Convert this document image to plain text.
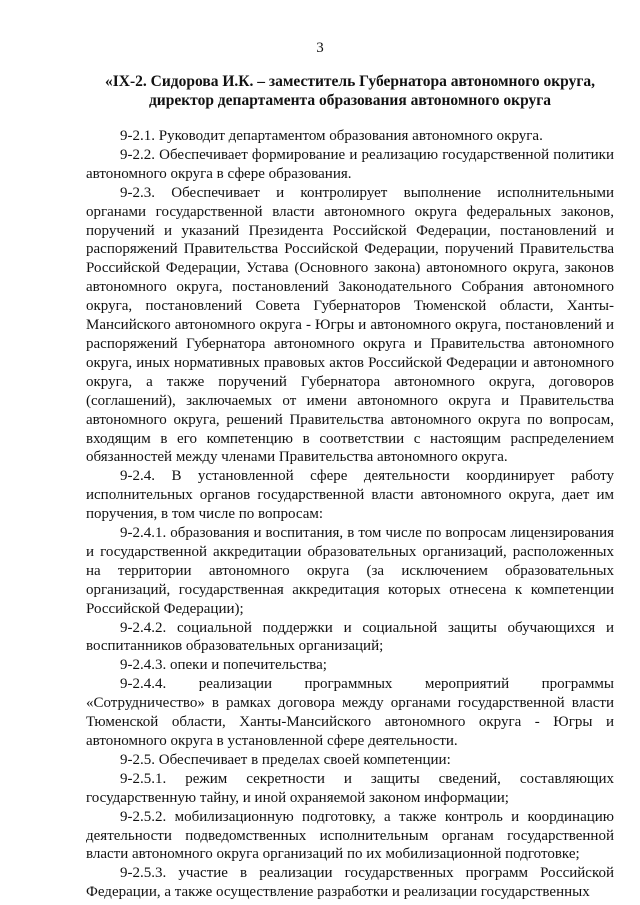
3
«IX-2. Сидорова И.К. – заместитель Губернатора автономного округа,
директор департамента образования автономного округа

9-2.1. Руководит департаментом образования автономного округа.

9-2.2. Обеспечивает формирование и реализацию государственной политики автономного округа в сфере образования.

9-2.3. Обеспечивает и контролирует выполнение исполнительными органами государственной власти автономного округа федеральных законов, поручений и указаний Президента Российской Федерации, постановлений и распоряжений Правительства Российской Федерации, поручений Правительства Российской Федерации, Устава (Основного закона) автономного округа, законов автономного округа, постановлений Законодательного Собрания автономного округа, постановлений Совета Губернаторов Тюменской области, Ханты-Мансийского автономного округа - Югры и автономного округа, постановлений и распоряжений Губернатора автономного округа и Правительства автономного округа, иных нормативных правовых актов Российской Федерации и автономного округа, а также поручений Губернатора автономного округа, договоров (соглашений), заключаемых от имени автономного округа и Правительства автономного округа, решений Правительства автономного округа по вопросам, входящим в его компетенцию в соответствии с настоящим распределением обязанностей между членами Правительства автономного округа.

9-2.4. В установленной сфере деятельности координирует работу исполнительных органов государственной власти автономного округа, дает им поручения, в том числе по вопросам:

9-2.4.1. образования и воспитания, в том числе по вопросам лицензирования и государственной аккредитации образовательных организаций, расположенных на территории автономного округа (за исключением образовательных организаций, государственная аккредитация которых отнесена к компетенции Российской Федерации);

9-2.4.2. социальной поддержки и социальной защиты обучающихся и воспитанников образовательных организаций;

9-2.4.3. опеки и попечительства;

9-2.4.4. реализации программных мероприятий программы «Сотрудничество» в рамках договора между органами государственной власти Тюменской области, Ханты-Мансийского автономного округа - Югры и автономного округа в установленной сфере деятельности.

9-2.5. Обеспечивает в пределах своей компетенции:

9-2.5.1. режим секретности и защиты сведений, составляющих государственную тайну, и иной охраняемой законом информации;

9-2.5.2. мобилизационную подготовку, а также контроль и координацию деятельности подведомственных исполнительным органам государственной власти автономного округа организаций по их мобилизационной подготовке;

9-2.5.3. участие в реализации государственных программ Российской Федерации, а также осуществление разработки и реализации государственных
